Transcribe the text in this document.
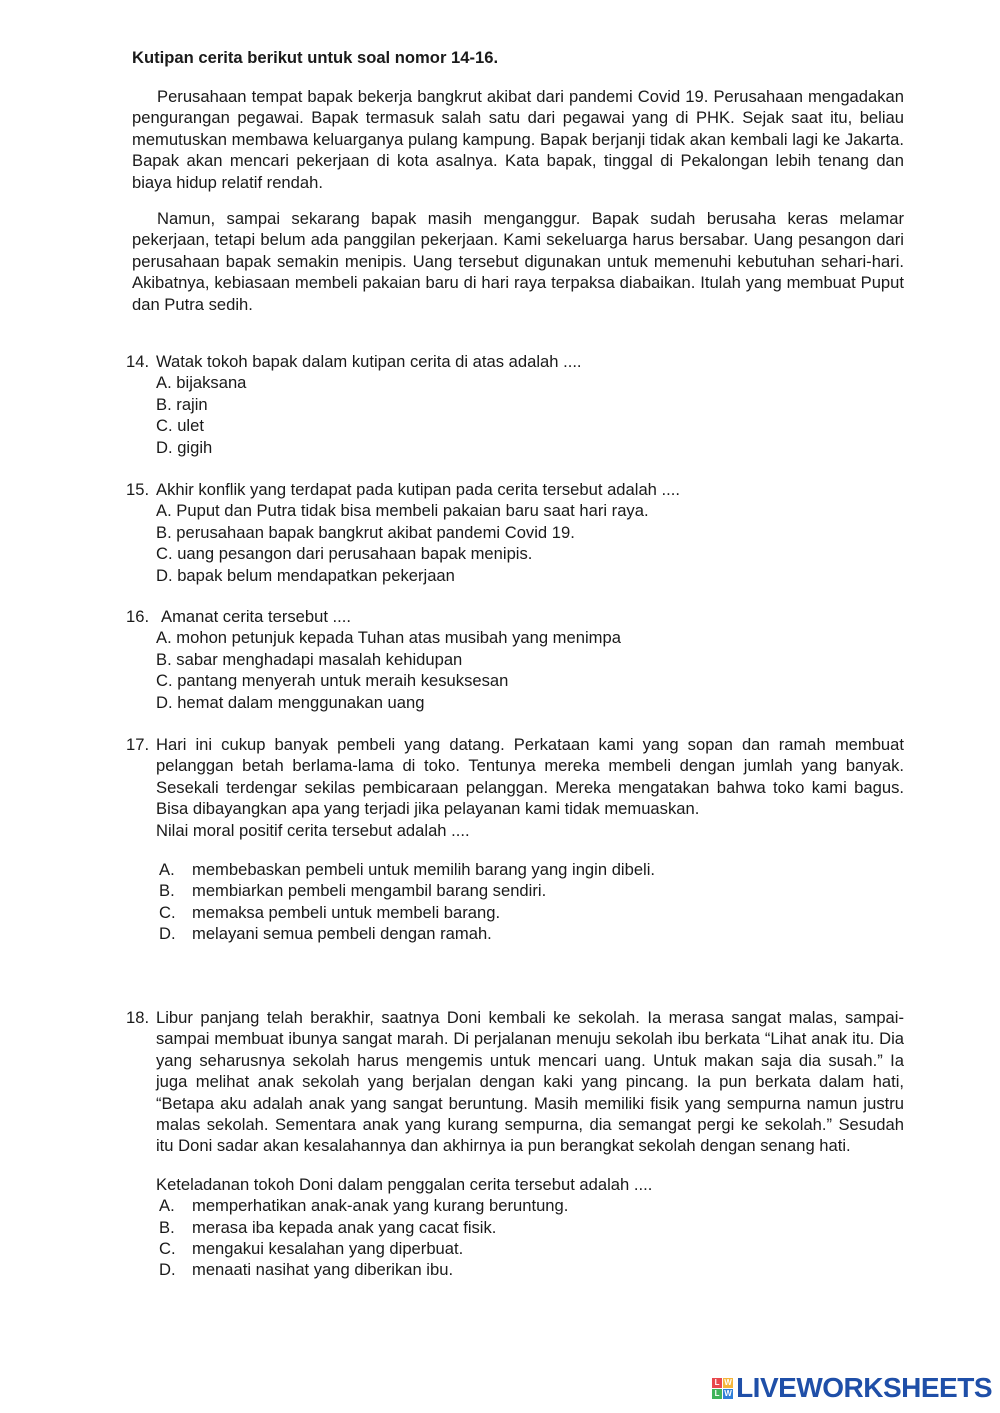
Kutipan cerita berikut untuk soal nomor 14-16.

Perusahaan tempat bapak bekerja bangkrut akibat dari pandemi Covid 19. Perusahaan mengadakan pengurangan pegawai. Bapak termasuk salah satu dari pegawai yang di PHK. Sejak saat itu, beliau memutuskan membawa keluarganya pulang kampung. Bapak berjanji tidak akan kembali lagi ke Jakarta. Bapak akan mencari pekerjaan di kota asalnya. Kata bapak, tinggal di Pekalongan lebih tenang dan biaya hidup relatif rendah.

Namun, sampai sekarang bapak masih menganggur. Bapak sudah berusaha keras melamar pekerjaan, tetapi belum ada panggilan pekerjaan. Kami sekeluarga harus bersabar. Uang pesangon dari perusahaan bapak semakin menipis. Uang tersebut digunakan untuk memenuhi kebutuhan sehari-hari. Akibatnya, kebiasaan membeli pakaian baru di hari raya terpaksa diabaikan. Itulah yang membuat Puput dan Putra sedih.

14. Watak tokoh bapak dalam kutipan cerita di atas adalah ....
A. bijaksana
B. rajin
C. ulet
D. gigih
15. Akhir konflik yang terdapat pada kutipan pada cerita tersebut adalah ....
A. Puput dan Putra tidak bisa membeli pakaian baru saat hari raya.
B. perusahaan bapak bangkrut akibat pandemi Covid 19.
C. uang pesangon dari perusahaan bapak menipis.
D. bapak belum mendapatkan pekerjaan
16. Amanat cerita tersebut ....
A. mohon petunjuk kepada Tuhan atas musibah yang menimpa
B. sabar menghadapi masalah kehidupan
C. pantang menyerah untuk meraih kesuksesan
D. hemat dalam menggunakan uang
17. Hari ini cukup banyak pembeli yang datang. Perkataan kami yang sopan dan ramah membuat pelanggan betah berlama-lama di toko. Tentunya mereka membeli dengan jumlah yang banyak. Sesekali terdengar sekilas pembicaraan pelanggan. Mereka mengatakan bahwa toko kami bagus. Bisa dibayangkan apa yang terjadi jika pelayanan kami tidak memuaskan.
Nilai moral positif cerita tersebut adalah ....
A.	membebaskan pembeli untuk memilih barang yang ingin dibeli.
B.	membiarkan pembeli mengambil barang sendiri.
C. memaksa pembeli untuk membeli barang.
D. melayani semua pembeli dengan ramah.
18. Libur panjang telah berakhir, saatnya Doni kembali ke sekolah. Ia merasa sangat malas, sampai-sampai membuat ibunya sangat marah. Di perjalanan menuju sekolah ibu berkata “Lihat anak itu. Dia yang seharusnya sekolah harus mengemis untuk mencari uang. Untuk makan saja dia susah.” Ia juga melihat anak sekolah yang berjalan dengan kaki yang pincang. Ia pun berkata dalam hati, “Betapa aku adalah anak yang sangat beruntung. Masih memiliki fisik yang sempurna namun justru malas sekolah. Sementara anak yang kurang sempurna, dia semangat pergi ke sekolah.” Sesudah itu Doni sadar akan kesalahannya dan akhirnya ia pun berangkat sekolah dengan senang hati.
Keteladanan tokoh Doni dalam penggalan cerita tersebut adalah ....
A.	memperhatikan anak-anak yang kurang beruntung.
B.	merasa iba kepada anak yang cacat fisik.
C. mengakui kesalahan yang diperbuat.
D. menaati nasihat yang diberikan ibu.
L W
L W LIVEWORKSHEETS
